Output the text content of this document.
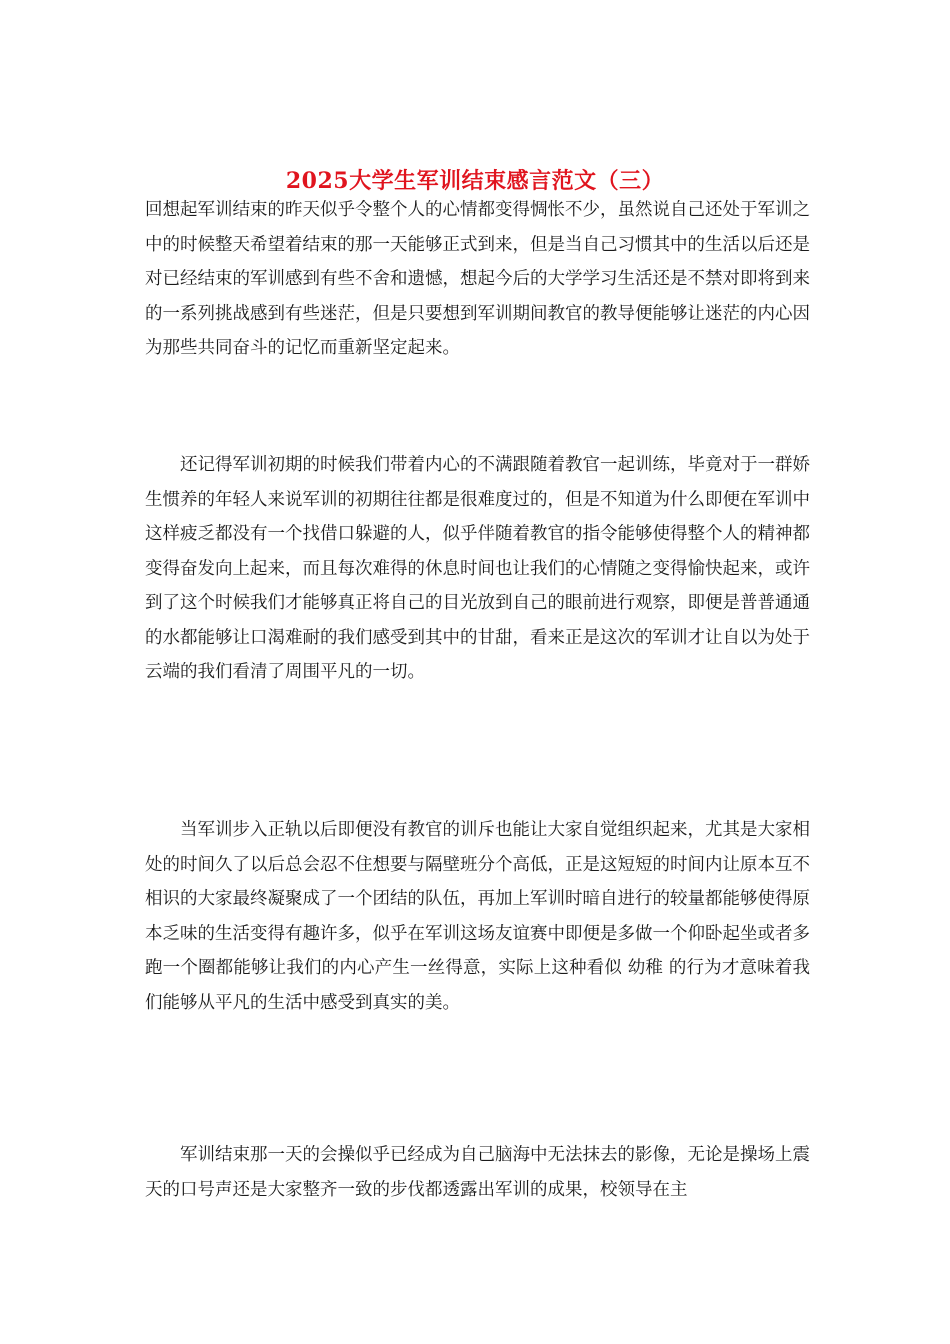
2025大学生军训结束感言范文（三）

回想起军训结束的昨天似乎令整个人的心情都变得惆怅不少，虽然说自己还处于军训之中的时候整天希望着结束的那一天能够正式到来，但是当自己习惯其中的生活以后还是对已经结束的军训感到有些不舍和遗憾，想起今后的大学学习生活还是不禁对即将到来的一系列挑战感到有些迷茫，但是只要想到军训期间教官的教导便能够让迷茫的内心因为那些共同奋斗的记忆而重新坚定起来。

还记得军训初期的时候我们带着内心的不满跟随着教官一起训练，毕竟对于一群娇生惯养的年轻人来说军训的初期往往都是很难度过的，但是不知道为什么即便在军训中这样疲乏都没有一个找借口躲避的人，似乎伴随着教官的指令能够使得整个人的精神都变得奋发向上起来，而且每次难得的休息时间也让我们的心情随之变得愉快起来，或许到了这个时候我们才能够真正将自己的目光放到自己的眼前进行观察，即便是普普通通的水都能够让口渴难耐的我们感受到其中的甘甜，看来正是这次的军训才让自以为处于云端的我们看清了周围平凡的一切。

当军训步入正轨以后即便没有教官的训斥也能让大家自觉组织起来，尤其是大家相处的时间久了以后总会忍不住想要与隔壁班分个高低，正是这短短的时间内让原本互不相识的大家最终凝聚成了一个团结的队伍，再加上军训时暗自进行的较量都能够使得原本乏味的生活变得有趣许多，似乎在军训这场友谊赛中即便是多做一个仰卧起坐或者多跑一个圈都能够让我们的内心产生一丝得意，实际上这种看似 幼稚 的行为才意味着我们能够从平凡的生活中感受到真实的美。

军训结束那一天的会操似乎已经成为自己脑海中无法抹去的影像，无论是操场上震天的口号声还是大家整齐一致的步伐都透露出军训的成果，校领导在主
